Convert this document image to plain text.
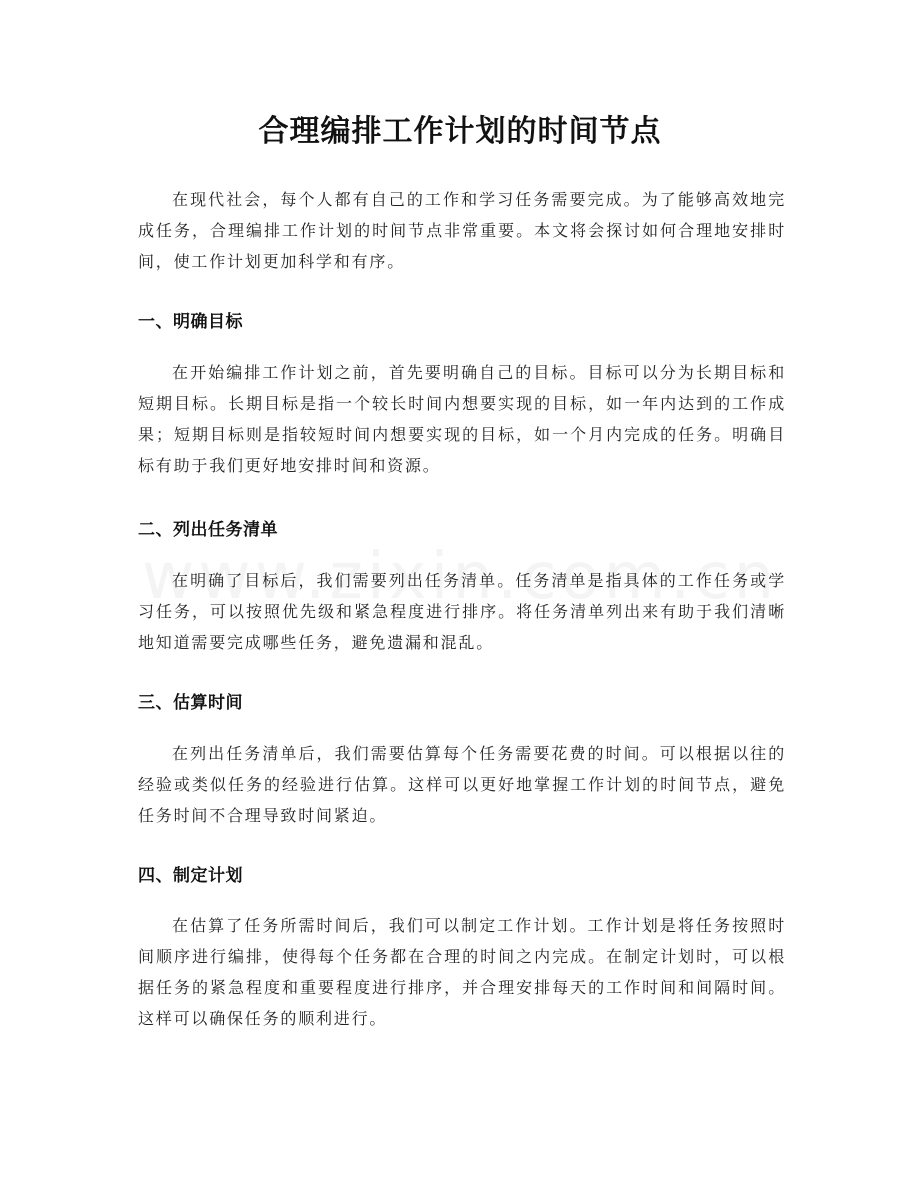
合理编排工作计划的时间节点

在现代社会，每个人都有自己的工作和学习任务需要完成。为了能够高效地完成任务，合理编排工作计划的时间节点非常重要。本文将会探讨如何合理地安排时间，使工作计划更加科学和有序。

一、明确目标

在开始编排工作计划之前，首先要明确自己的目标。目标可以分为长期目标和短期目标。长期目标是指一个较长时间内想要实现的目标，如一年内达到的工作成果；短期目标则是指较短时间内想要实现的目标，如一个月内完成的任务。明确目标有助于我们更好地安排时间和资源。

二、列出任务清单

在明确了目标后，我们需要列出任务清单。任务清单是指具体的工作任务或学习任务，可以按照优先级和紧急程度进行排序。将任务清单列出来有助于我们清晰地知道需要完成哪些任务，避免遗漏和混乱。

三、估算时间

在列出任务清单后，我们需要估算每个任务需要花费的时间。可以根据以往的经验或类似任务的经验进行估算。这样可以更好地掌握工作计划的时间节点，避免任务时间不合理导致时间紧迫。

四、制定计划

在估算了任务所需时间后，我们可以制定工作计划。工作计划是将任务按照时间顺序进行编排，使得每个任务都在合理的时间之内完成。在制定计划时，可以根据任务的紧急程度和重要程度进行排序，并合理安排每天的工作时间和间隔时间。这样可以确保任务的顺利进行。
